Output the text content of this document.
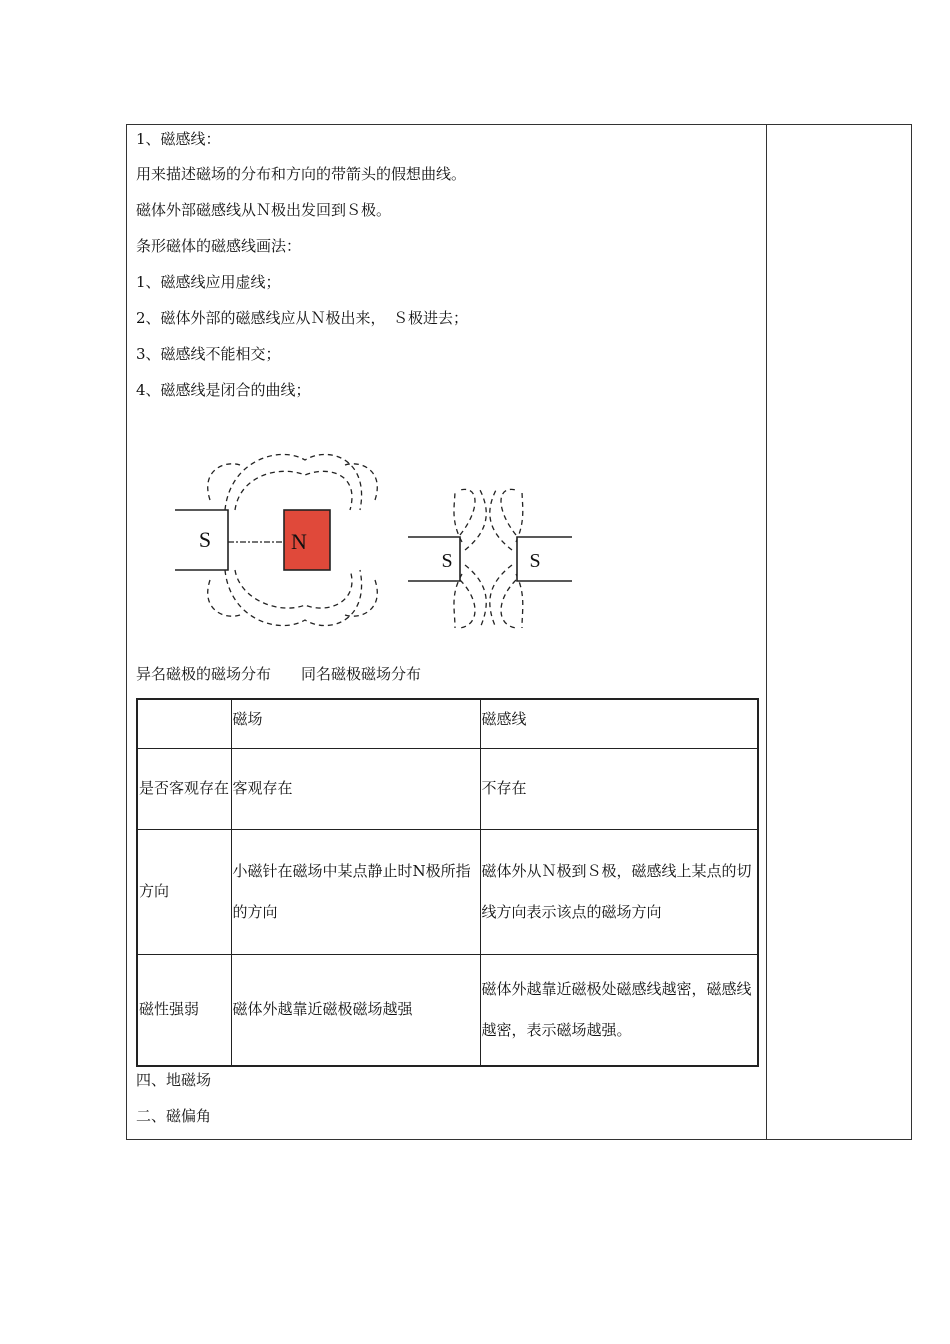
1、磁感线：
用来描述磁场的分布和方向的带箭头的假想曲线。
磁体外部磁感线从Ｎ极出发回到Ｓ极。
条形磁体的磁感线画法：
1、磁感线应用虚线；
2、磁体外部的磁感线应从Ｎ极出来，　Ｓ极进去；
3、磁感线不能相交；
4、磁感线是闭合的曲线；
S	N
S	S
异名磁极的磁场分布　　同名磁极磁场分布
	磁场	磁感线
是否客观存在	客观存在	不存在
方向	小磁针在磁场中某点静止时N极所指的方向	磁体外从Ｎ极到Ｓ极，磁感线上某点的切线方向表示该点的磁场方向
磁性强弱	磁体外越靠近磁极磁场越强	磁体外越靠近磁极处磁感线越密，磁感线越密，表示磁场越强。
四、地磁场
二、磁偏角
